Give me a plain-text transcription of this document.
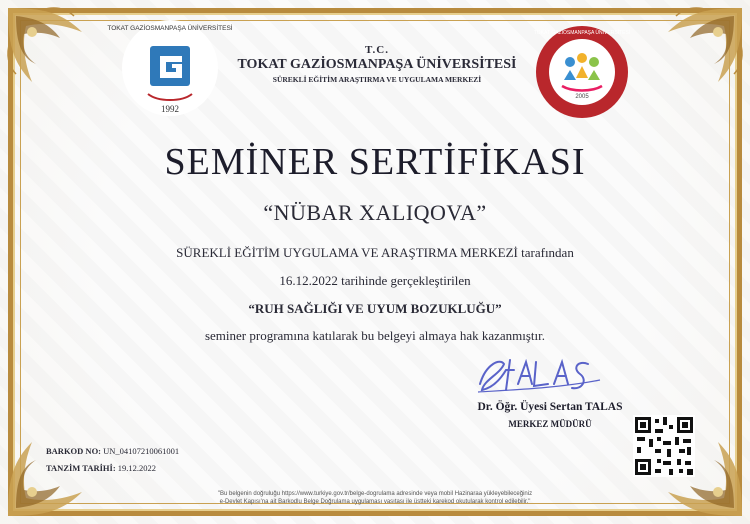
1992
TOKAT GAZİOSMANPAŞA ÜNİVERSİTESİ
T.C.
TOKAT GAZİOSMANPAŞA ÜNİVERSİTESİ
SÜREKLİ EĞİTİM ARAŞTIRMA VE UYGULAMA MERKEZİ
2005
TOKAT GAZİOSMANPAŞA ÜNİVERSİTESİ
SEMİNER SERTİFİKASI
“NÜBAR XALIQOVA”
SÜREKLİ EĞİTİM UYGULAMA VE ARAŞTIRMA MERKEZİ tarafından
16.12.2022 tarihinde gerçekleştirilen
“RUH SAĞLIĞI VE UYUM BOZUKLUĞU”
seminer programına katılarak bu belgeyi almaya hak kazanmıştır.
Dr. Öğr. Üyesi Sertan TALAS
MERKEZ MÜDÜRÜ
BARKOD NO: UN_04107210061001
TANZİM TARİHİ: 19.12.2022
"Bu belgenin doğruluğu https://www.turkiye.gov.tr/belge-dogrulama adresinde veya mobil Hazinaraa yükleyebileceğiniz
e-Devlet Kapısı'na ait Barkodlu Belge Doğrulama uygulaması vasıtası ile üstteki karekod okutularak kontrol edilebilir."
